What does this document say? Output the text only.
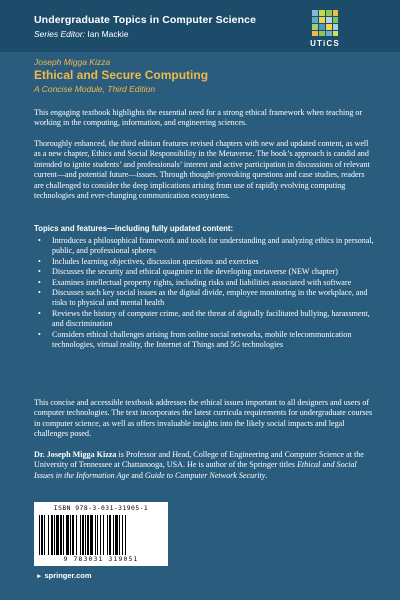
Undergraduate Topics in Computer Science
Series Editor: Ian Mackie
UTiCS
Joseph Migga Kizza
Ethical and Secure Computing
A Concise Module, Third Edition
This engaging textbook highlights the essential need for a strong ethical framework when teaching or working in the computing, information, and engineering sciences.
Thoroughly enhanced, the third edition features revised chapters with new and updated content, as well as a new chapter, Ethics and Social Responsibility in the Metaverse. The book’s approach is candid and intended to ignite students’ and professionals’ interest and active participation in discussions of relevant current—and potential future—issues. Through thought-provoking questions and case studies, readers are challenged to consider the deep implications arising from use of rapidly evolving computing technologies and ever-changing communication ecosystems.
Topics and features—including fully updated content:
• Introduces a philosophical framework and tools for understanding and analyzing ethics in personal, public, and professional spheres
• Includes learning objectives, discussion questions and exercises
• Discusses the security and ethical quagmire in the developing metaverse (NEW chapter)
• Examines intellectual property rights, including risks and liabilities associated with software
• Discusses such key social issues as the digital divide, employee monitoring in the workplace, and risks to physical and mental health
• Reviews the history of computer crime, and the threat of digitally facilitated bullying, harassment, and discrimination
• Considers ethical challenges arising from online social networks, mobile telecommunication technologies, virtual reality, the Internet of Things and 5G technologies
This concise and accessible textbook addresses the ethical issues important to all designers and users of computer technologies. The text incorporates the latest curricula requirements for undergraduate courses in computer science, as well as offers invaluable insights into the likely social impacts and legal challenges posed.
Dr. Joseph Migga Kizza is Professor and Head, College of Engineering and Computer Science at the University of Tennessee at Chattanooga, USA. He is author of the Springer titles Ethical and Social Issues in the Information Age and Guide to Computer Network Security.
ISBN 978-3-031-31905-1
9 783031 319051
► springer.com
